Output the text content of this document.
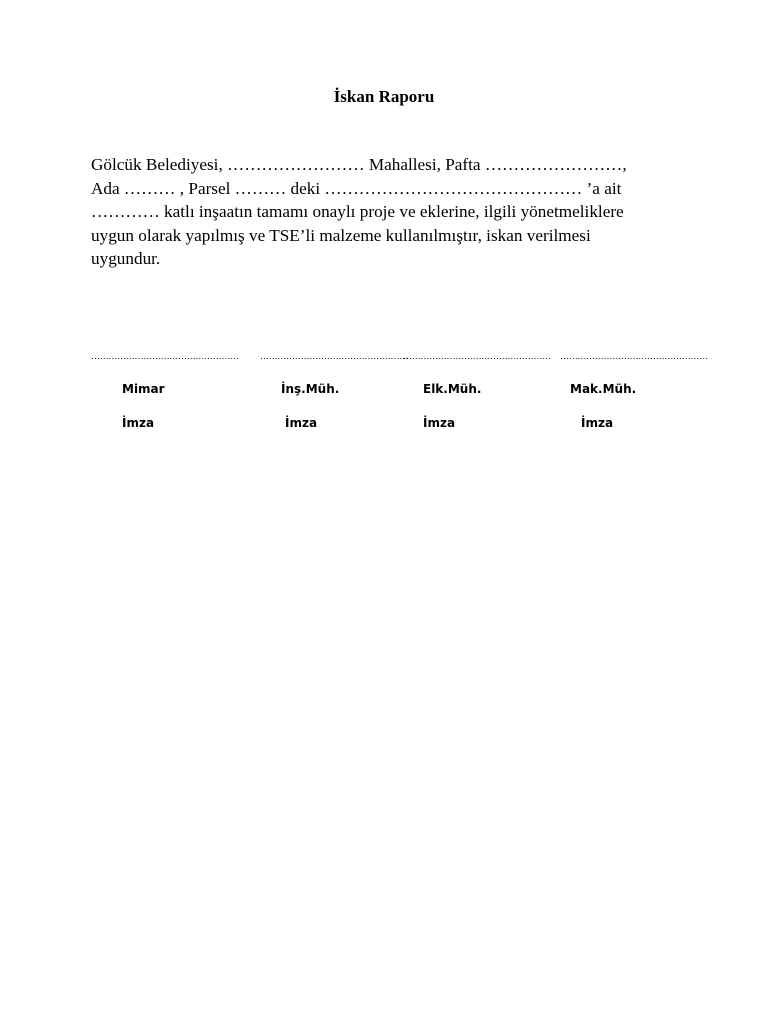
İskan Raporu
Gölcük Belediyesi, …………………… Mahallesi, Pafta ……………………,
Ada ……… , Parsel ……… deki ……………………………………… ’a ait
………… katlı inşaatın tamamı onaylı proje ve eklerine, ilgili yönetmeliklere
uygun olarak yapılmış ve TSE’li malzeme kullanılmıştır, iskan verilmesi
uygundur.
…………………………………………… ……………………………………………
…………………………………………… ……………………………………………
Mimar	İnş.Müh.	Elk.Müh.	Mak.Müh.
İmza	İmza	İmza	İmza
